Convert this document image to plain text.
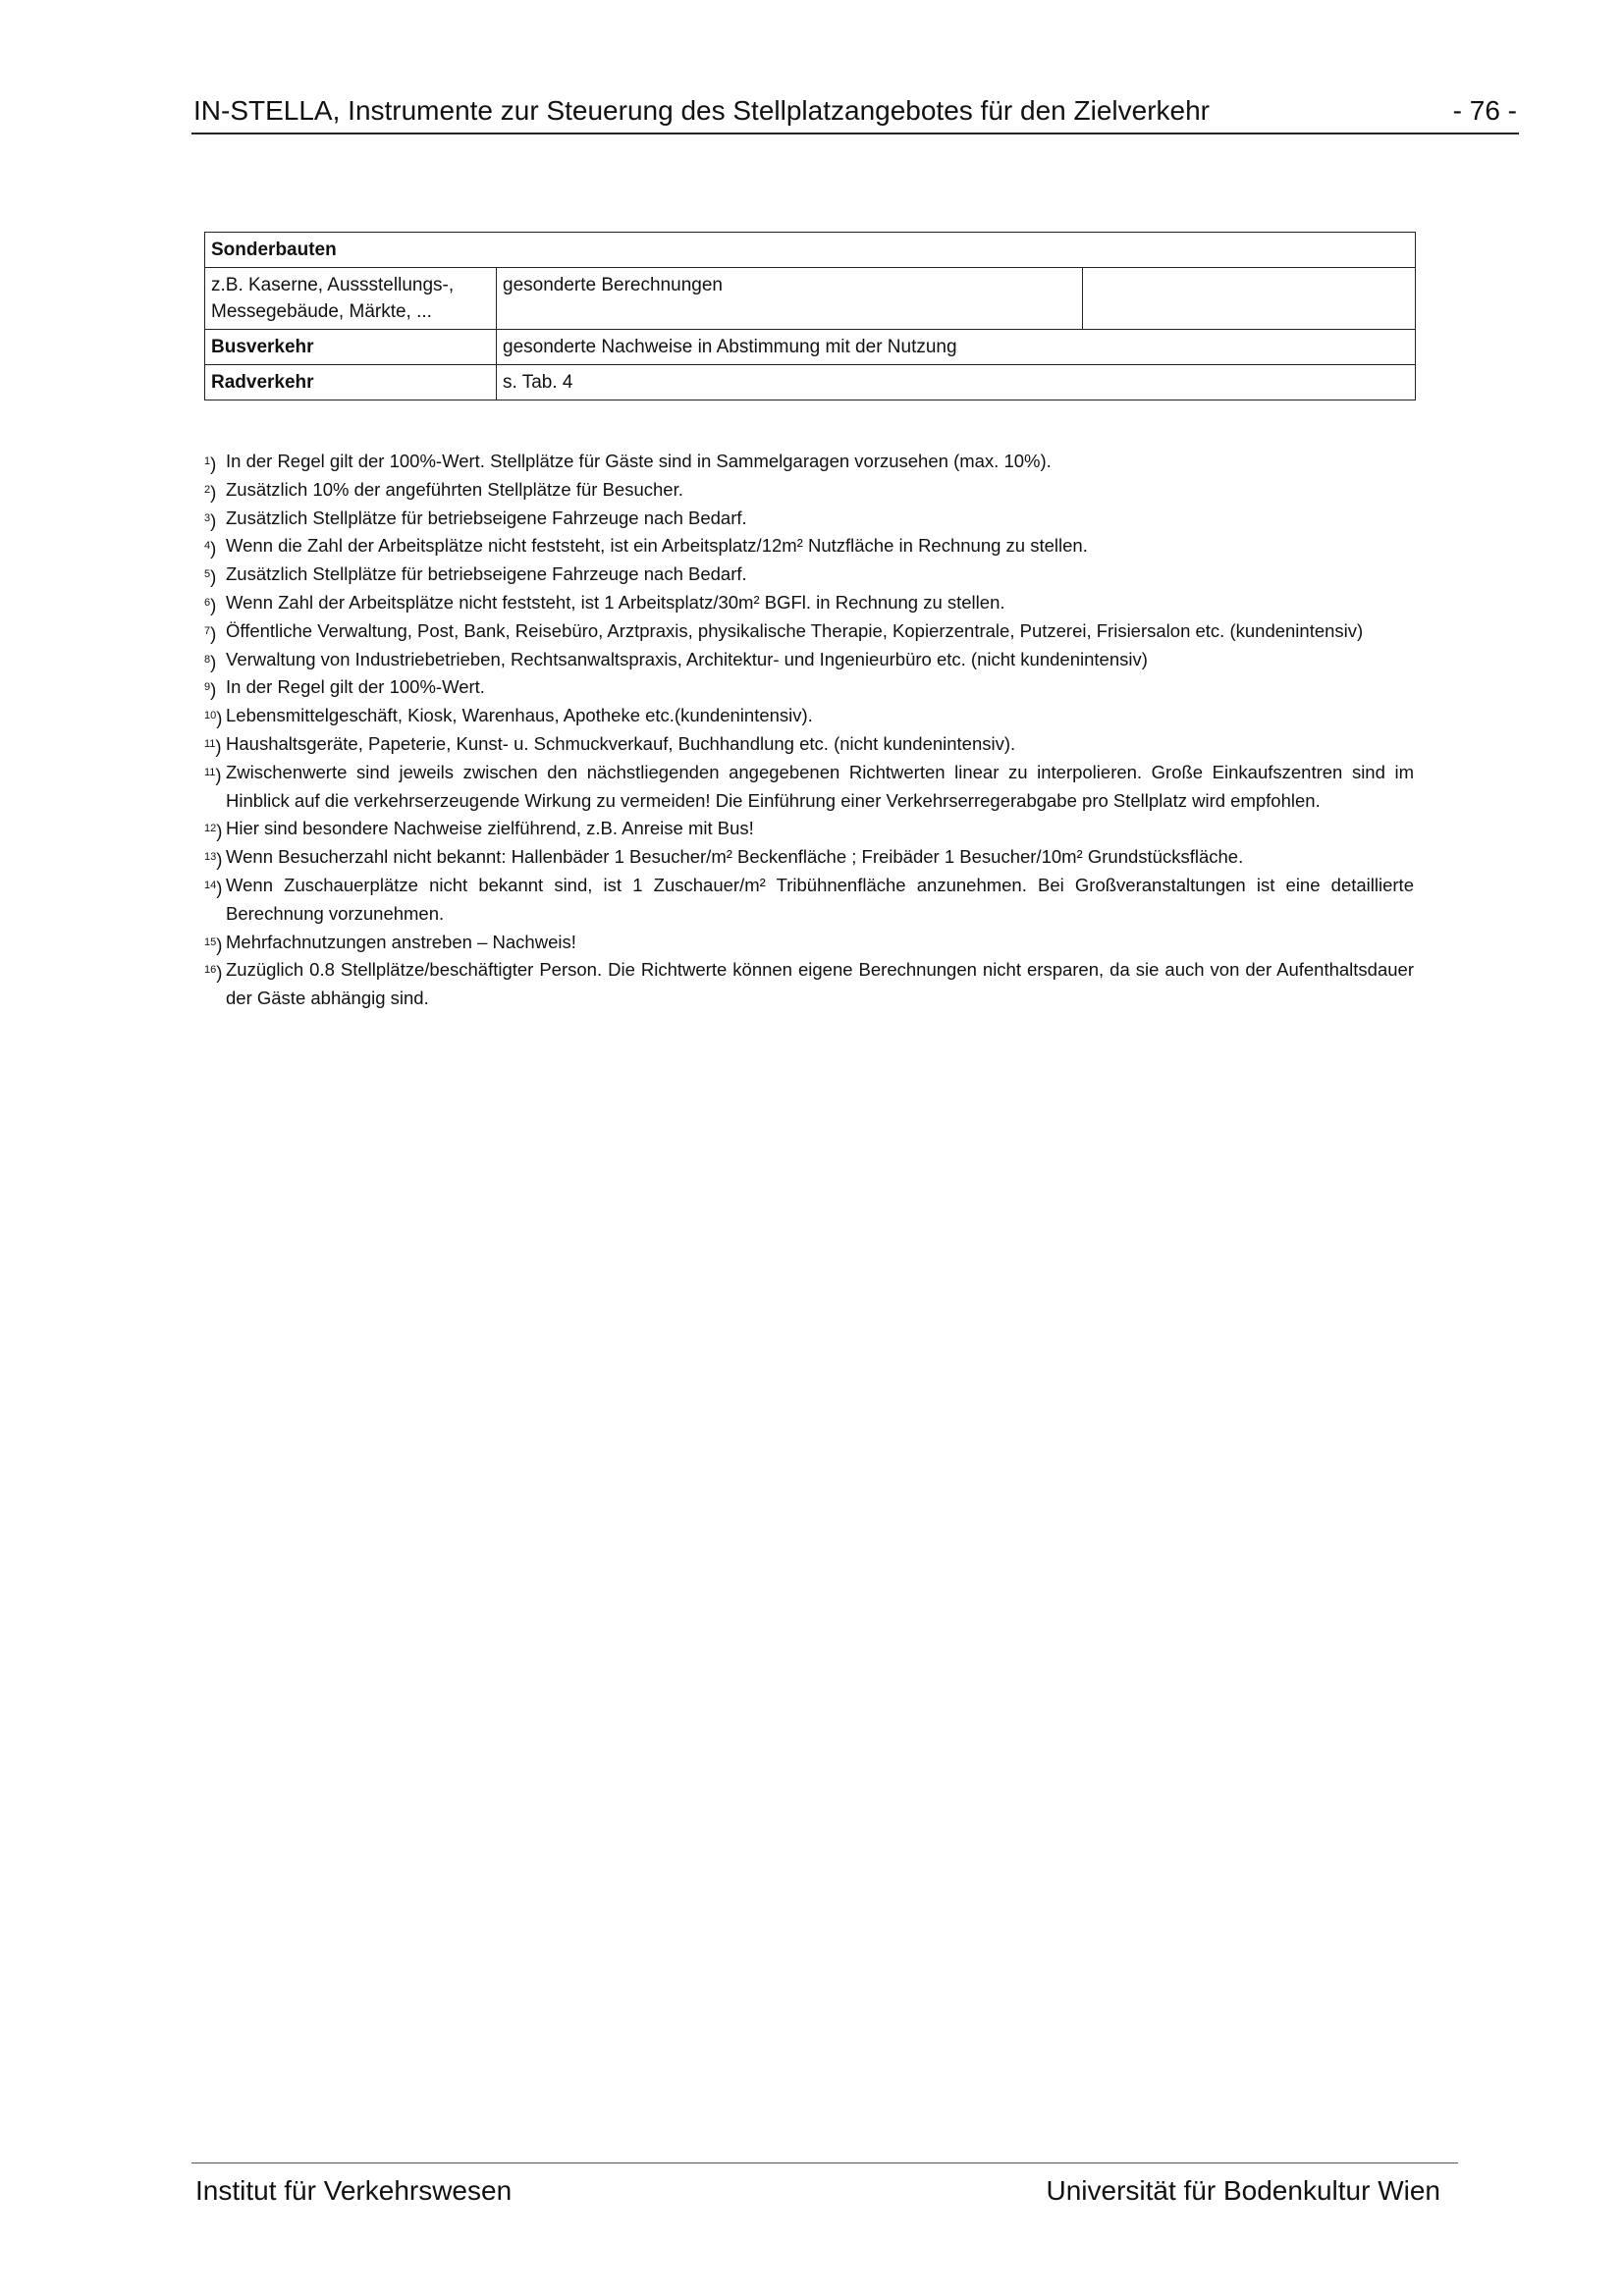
IN-STELLA, Instrumente zur Steuerung des Stellplatzangebotes für den Zielverkehr	- 76 -
Sonderbauten		
z.B. Kaserne, Aussstellungs-, Messegebäude, Märkte, ...	gesonderte Berechnungen	
Busverkehr	gesonderte Nachweise in Abstimmung mit der Nutzung	
Radverkehr	s. Tab. 4	
$^1$) In der Regel gilt der 100%-Wert. Stellplätze für Gäste sind in Sammelgaragen vorzusehen (max. 10%).
$^2$) Zusätzlich 10% der angeführten Stellplätze für Besucher.
$^3$) Zusätzlich Stellplätze für betriebseigene Fahrzeuge nach Bedarf.
$^4$) Wenn die Zahl der Arbeitsplätze nicht feststeht, ist ein Arbeitsplatz/12m² Nutzfläche in Rechnung zu stellen.
$^5$) Zusätzlich Stellplätze für betriebseigene Fahrzeuge nach Bedarf.
$^6$) Wenn Zahl der Arbeitsplätze nicht feststeht, ist 1 Arbeitsplatz/30m² BGFl. in Rechnung zu stellen.
$^7$) Öffentliche Verwaltung, Post, Bank, Reisebüro, Arztpraxis, physikalische Therapie, Kopierzentrale, Putzerei, Frisiersalon etc. (kundenintensiv)
$^8$) Verwaltung von Industriebetrieben, Rechtsanwaltspraxis, Architektur- und Ingenieurbüro etc. (nicht kundenintensiv)
$^9$) In der Regel gilt der 100%-Wert.
$^{10}$) Lebensmittelgeschäft, Kiosk, Warenhaus, Apotheke etc.(kundenintensiv).
$^{11}$) Haushaltsgeräte, Papeterie, Kunst- u. Schmuckverkauf, Buchhandlung etc. (nicht kundenintensiv).
$^{11}$) Zwischenwerte sind jeweils zwischen den nächstliegenden angegebenen Richtwerten linear zu interpolieren. Große Einkaufszentren sind im Hinblick auf die verkehrserzeugende Wirkung zu vermeiden! Die Einführung einer Verkehrserregerabgabe pro Stellplatz wird empfohlen.
$^{12}$) Hier sind besondere Nachweise zielführend, z.B. Anreise mit Bus!
$^{13}$) Wenn Besucherzahl nicht bekannt: Hallenbäder 1 Besucher/m² Beckenfläche ; Freibäder 1 Besucher/10m² Grundstücksfläche.
$^{14}$) Wenn Zuschauerplätze nicht bekannt sind, ist 1 Zuschauer/m² Tribühnenfläche anzunehmen. Bei Großveranstaltungen ist eine detaillierte Berechnung vorzunehmen.
$^{15}$) Mehrfachnutzungen anstreben – Nachweis!
$^{16}$) Zuzüglich 0.8 Stellplätze/beschäftigter Person. Die Richtwerte können eigene Berechnungen nicht ersparen, da sie auch von der Aufenthaltsdauer der Gäste abhängig sind.
Institut für Verkehrswesen	Universität für Bodenkultur Wien
